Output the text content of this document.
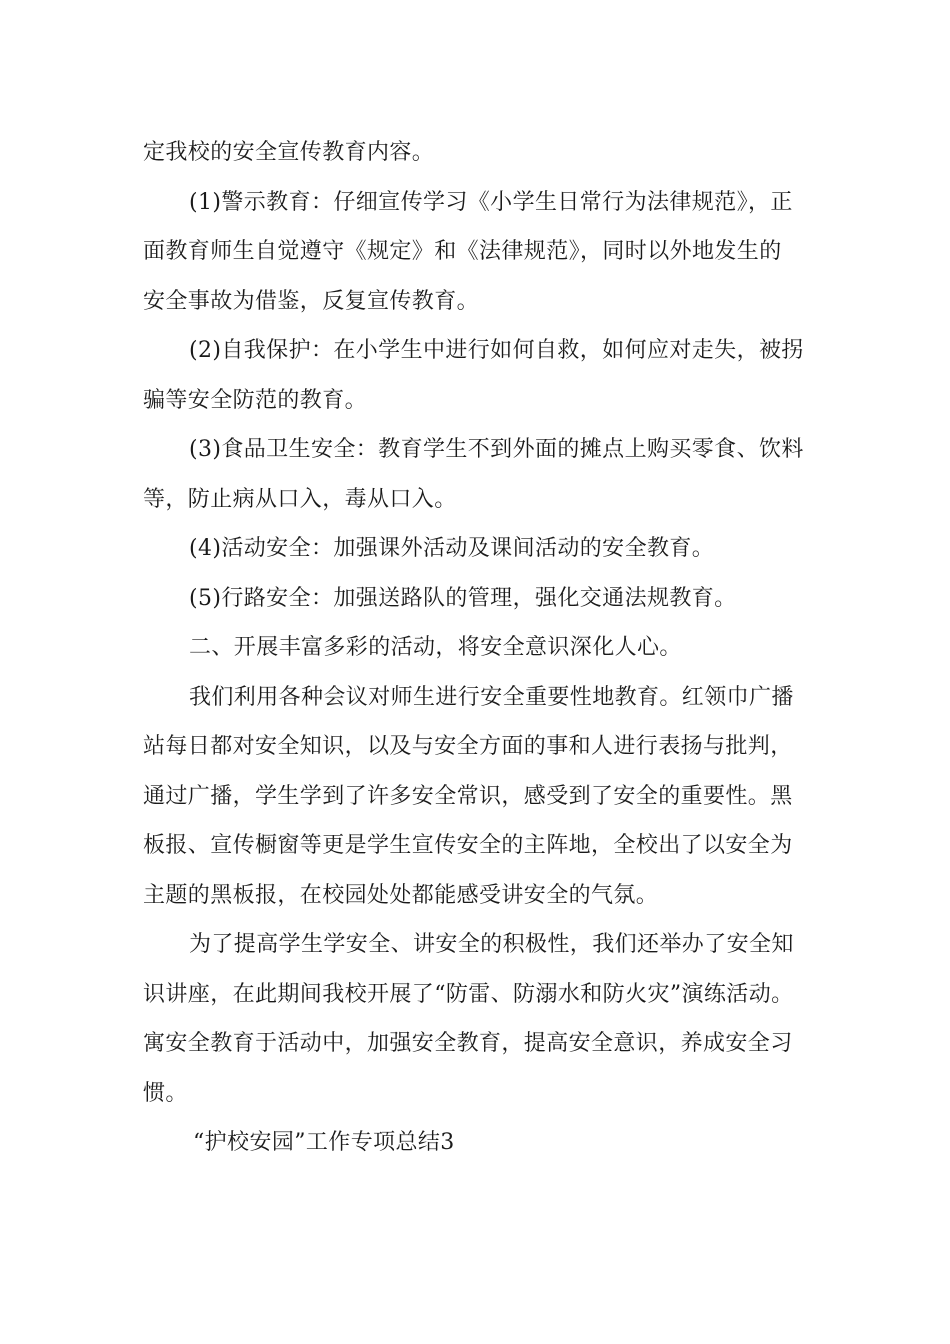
定我校的安全宣传教育内容。

(1)警示教育：仔细宣传学习《小学生日常行为法律规范》，正
面教育师生自觉遵守《规定》和《法律规范》，同时以外地发生的
安全事故为借鉴，反复宣传教育。

(2)自我保护：在小学生中进行如何自救，如何应对走失，被拐
骗等安全防范的教育。

(3)食品卫生安全：教育学生不到外面的摊点上购买零食、饮料
等，防止病从口入，毒从口入。

(4)活动安全：加强课外活动及课间活动的安全教育。

(5)行路安全：加强送路队的管理，强化交通法规教育。

二、开展丰富多彩的活动，将安全意识深化人心。

我们利用各种会议对师生进行安全重要性地教育。红领巾广播
站每日都对安全知识，以及与安全方面的事和人进行表扬与批判，
通过广播，学生学到了许多安全常识，感受到了安全的重要性。黑
板报、宣传橱窗等更是学生宣传安全的主阵地，全校出了以安全为
主题的黑板报，在校园处处都能感受讲安全的气氛。

为了提高学生学安全、讲安全的积极性，我们还举办了安全知
识讲座，在此期间我校开展了“防雷、防溺水和防火灾”演练活动。
寓安全教育于活动中，加强安全教育，提高安全意识，养成安全习
惯。

“护校安园”工作专项总结3
